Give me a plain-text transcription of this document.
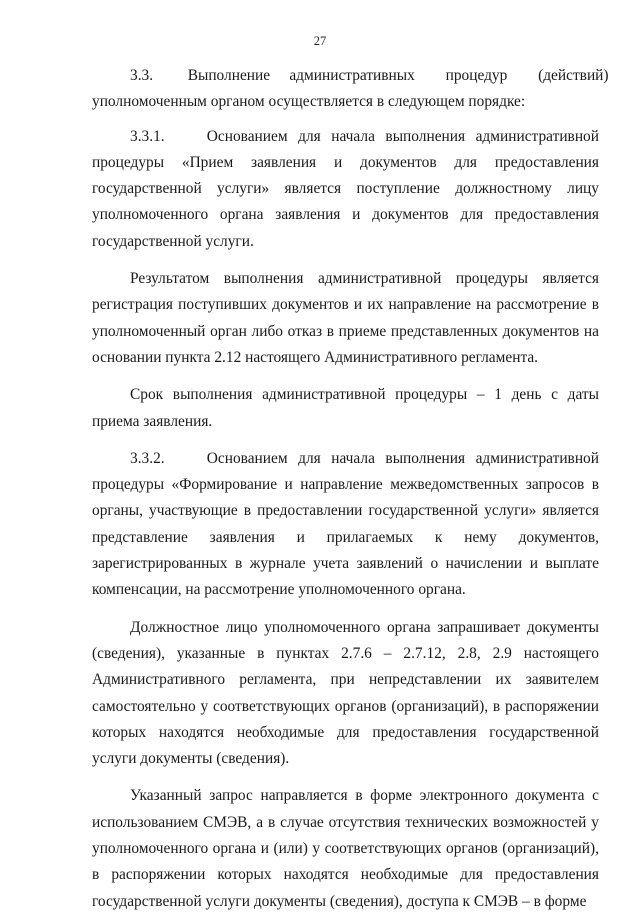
27

3.3.         Выполнение     административных        процедур        (действий) уполномоченным органом осуществляется в следующем порядке:

3.3.1.    Основанием для начала выполнения административной процедуры «Прием заявления и документов для предоставления государственной услуги» является поступление должностному лицу уполномоченного органа заявления и документов для предоставления государственной услуги.

Результатом выполнения административной процедуры является регистрация поступивших документов и их направление на рассмотрение в уполномоченный орган либо отказ в приеме представленных документов на основании пункта 2.12 настоящего Административного регламента.

Срок выполнения административной процедуры – 1 день с даты приема заявления.

3.3.2.    Основанием для начала выполнения административной процедуры «Формирование и направление межведомственных запросов в органы, участвующие в предоставлении государственной услуги» является представление заявления и прилагаемых к нему документов, зарегистрированных в журнале учета заявлений о начислении и выплате компенсации, на рассмотрение уполномоченного органа.

Должностное лицо уполномоченного органа запрашивает документы (сведения), указанные в пунктах 2.7.6 – 2.7.12, 2.8, 2.9 настоящего Административного регламента, при непредставлении их заявителем самостоятельно у соответствующих органов (организаций), в распоряжении которых находятся необходимые для предоставления государственной услуги документы (сведения).

Указанный запрос направляется в форме электронного документа с использованием СМЭВ, а в случае отсутствия технических возможностей у уполномоченного органа и (или) у соответствующих органов (организаций), в распоряжении которых находятся необходимые для предоставления государственной услуги документы (сведения), доступа к СМЭВ – в форме
